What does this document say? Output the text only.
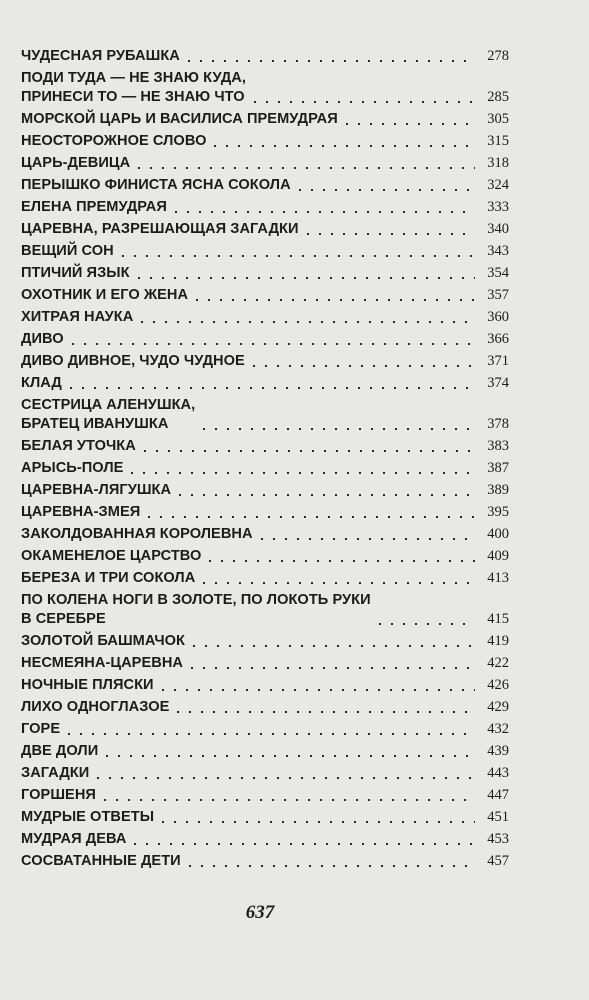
ЧУДЕСНАЯ РУБАШКА	278
ПОДИ ТУДА — НЕ ЗНАЮ КУДА,
ПРИНЕСИ ТО — НЕ ЗНАЮ ЧТО	285
МОРСКОЙ ЦАРЬ И ВАСИЛИСА ПРЕМУДРАЯ	305
НЕОСТОРОЖНОЕ СЛОВО	315
ЦАРЬ-ДЕВИЦА	318
ПЕРЫШКО ФИНИСТА ЯСНА СОКОЛА	324
ЕЛЕНА ПРЕМУДРАЯ	333
ЦАРЕВНА, РАЗРЕШАЮЩАЯ ЗАГАДКИ	340
ВЕЩИЙ СОН	343
ПТИЧИЙ ЯЗЫК	354
ОХОТНИК И ЕГО ЖЕНА	357
ХИТРАЯ НАУКА	360
ДИВО	366
ДИВО ДИВНОЕ, ЧУДО ЧУДНОЕ	371
КЛАД	374
СЕСТРИЦА АЛЕНУШКА,
БРАТЕЦ ИВАНУШКА	378
БЕЛАЯ УТОЧКА	383
АРЫСЬ-ПОЛЕ	387
ЦАРЕВНА-ЛЯГУШКА	389
ЦАРЕВНА-ЗМЕЯ	395
ЗАКОЛДОВАННАЯ КОРОЛЕВНА	400
ОКАМЕНЕЛОЕ ЦАРСТВО	409
БЕРЕЗА И ТРИ СОКОЛА	413
ПО КОЛЕНА НОГИ В ЗОЛОТЕ, ПО ЛОКОТЬ РУКИ
В СЕРЕБРЕ	415
ЗОЛОТОЙ БАШМАЧОК	419
НЕСМЕЯНА-ЦАРЕВНА	422
НОЧНЫЕ ПЛЯСКИ	426
ЛИХО ОДНОГЛАЗОЕ	429
ГОРЕ	432
ДВЕ ДОЛИ	439
ЗАГАДКИ	443
ГОРШЕНЯ	447
МУДРЫЕ ОТВЕТЫ	451
МУДРАЯ ДЕВА	453
СОСВАТАННЫЕ ДЕТИ	457
637
